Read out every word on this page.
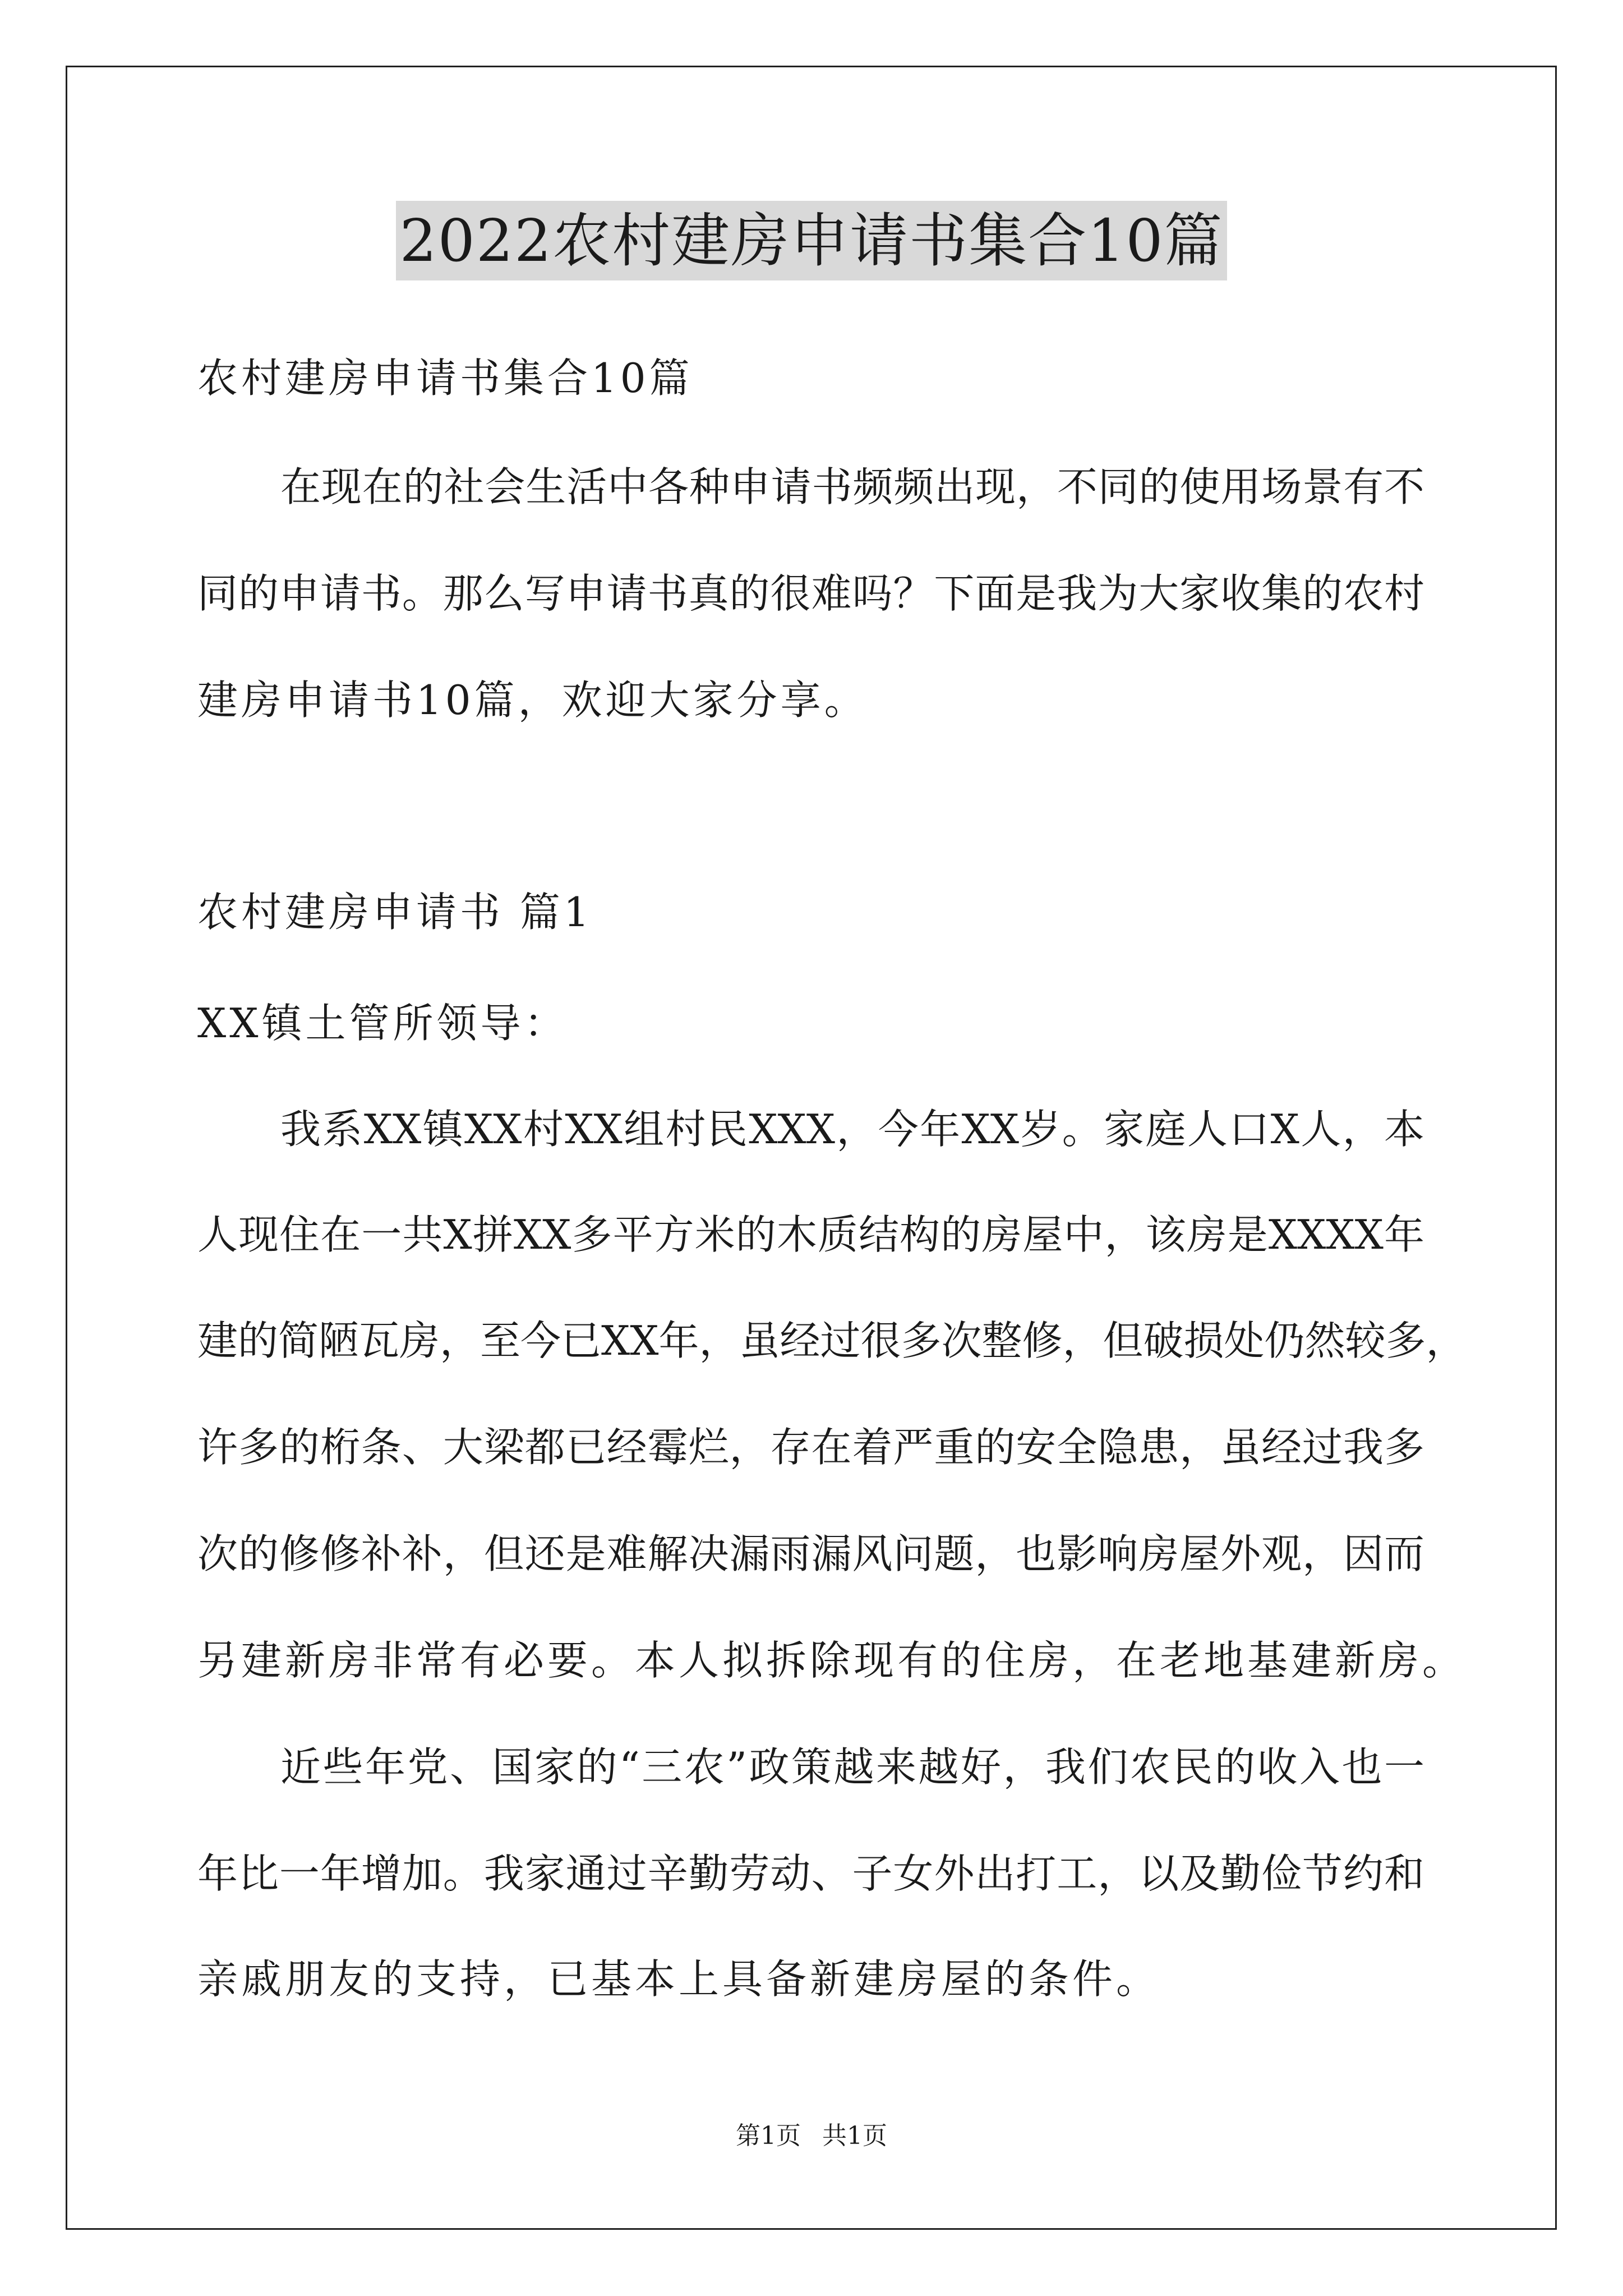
2022农村建房申请书集合10篇
农村建房申请书集合10篇
在现在的社会生活中各种申请书频频出现，不同的使用场景有不
同的申请书。那么写申请书真的很难吗？下面是我为大家收集的农村
建房申请书10篇，欢迎大家分享。
农村建房申请书 篇1
XX镇土管所领导：
我系XX镇XX村XX组村民XXX，今年XX岁。家庭人口X人，本
人现住在一共X拼XX多平方米的木质结构的房屋中，该房是XXXX年
建的简陋瓦房，至今已XX年，虽经过很多次整修，但破损处仍然较多，
许多的桁条、大梁都已经霉烂，存在着严重的安全隐患，虽经过我多
次的修修补补，但还是难解决漏雨漏风问题，也影响房屋外观，因而
另建新房非常有必要。本人拟拆除现有的住房，在老地基建新房。
近些年党、国家的“三农”政策越来越好，我们农民的收入也一
年比一年增加。我家通过辛勤劳动、子女外出打工，以及勤俭节约和
亲戚朋友的支持，已基本上具备新建房屋的条件。
第1页 共1页
